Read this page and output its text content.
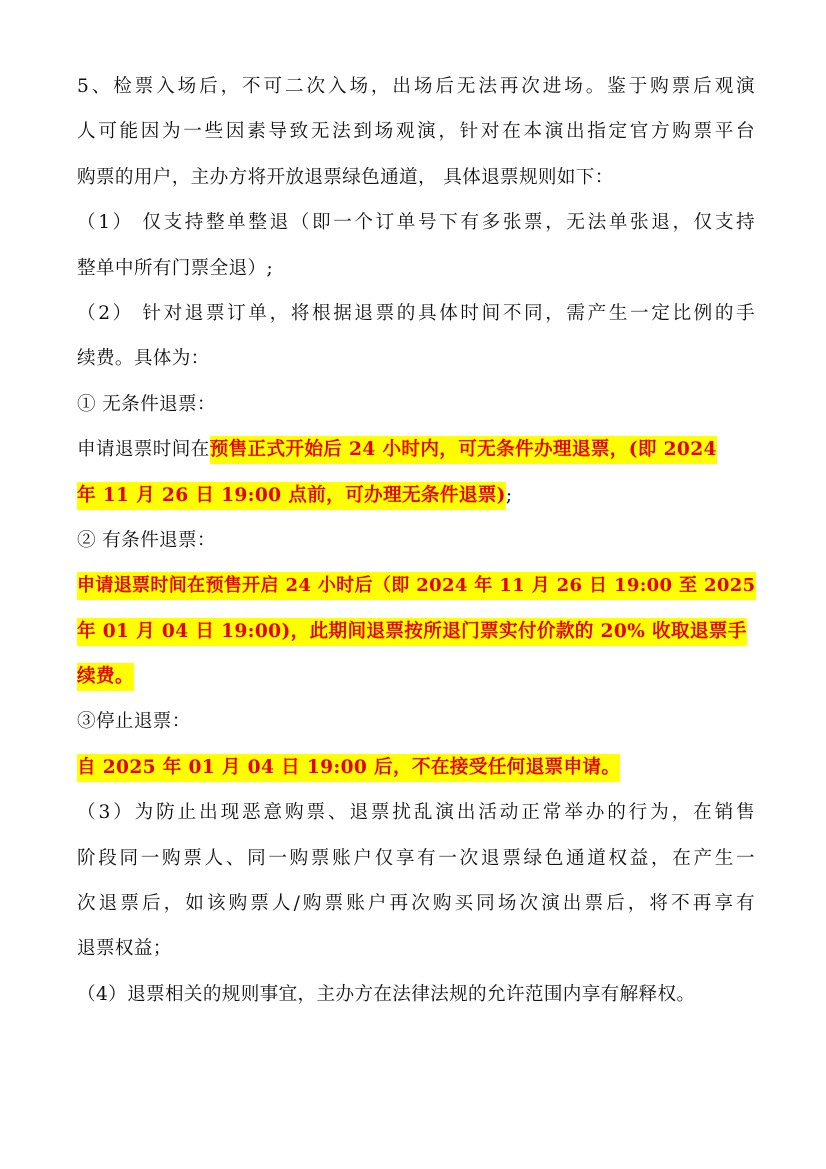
5、检票入场后，不可二次入场，出场后无法再次进场。鉴于购票后观演
人可能因为一些因素导致无法到场观演，针对在本演出指定官方购票平台
购票的用户，主办方将开放退票绿色通道， 具体退票规则如下：
（1） 仅支持整单整退（即一个订单号下有多张票，无法单张退，仅支持
整单中所有门票全退）;
（2） 针对退票订单，将根据退票的具体时间不同，需产生一定比例的手
续费。具体为：
① 无条件退票：
申请退票时间在预售正式开始后 24 小时内，可无条件办理退票，(即 2024
年 11 月 26 日 19:00 点前，可办理无条件退票);
② 有条件退票：
申请退票时间在预售开启 24 小时后（即 2024 年 11 月 26 日 19:00 至 2025
年 01 月 04 日 19:00)，此期间退票按所退门票实付价款的 20% 收取退票手
续费。
③停止退票：
自 2025 年 01 月 04 日 19:00 后，不在接受任何退票申请。
（3）为防止出现恶意购票、退票扰乱演出活动正常举办的行为，在销售
阶段同一购票人、同一购票账户仅享有一次退票绿色通道权益，在产生一
次退票后，如该购票人/购票账户再次购买同场次演出票后，将不再享有
退票权益；
（4）退票相关的规则事宜，主办方在法律法规的允许范围内享有解释权。
